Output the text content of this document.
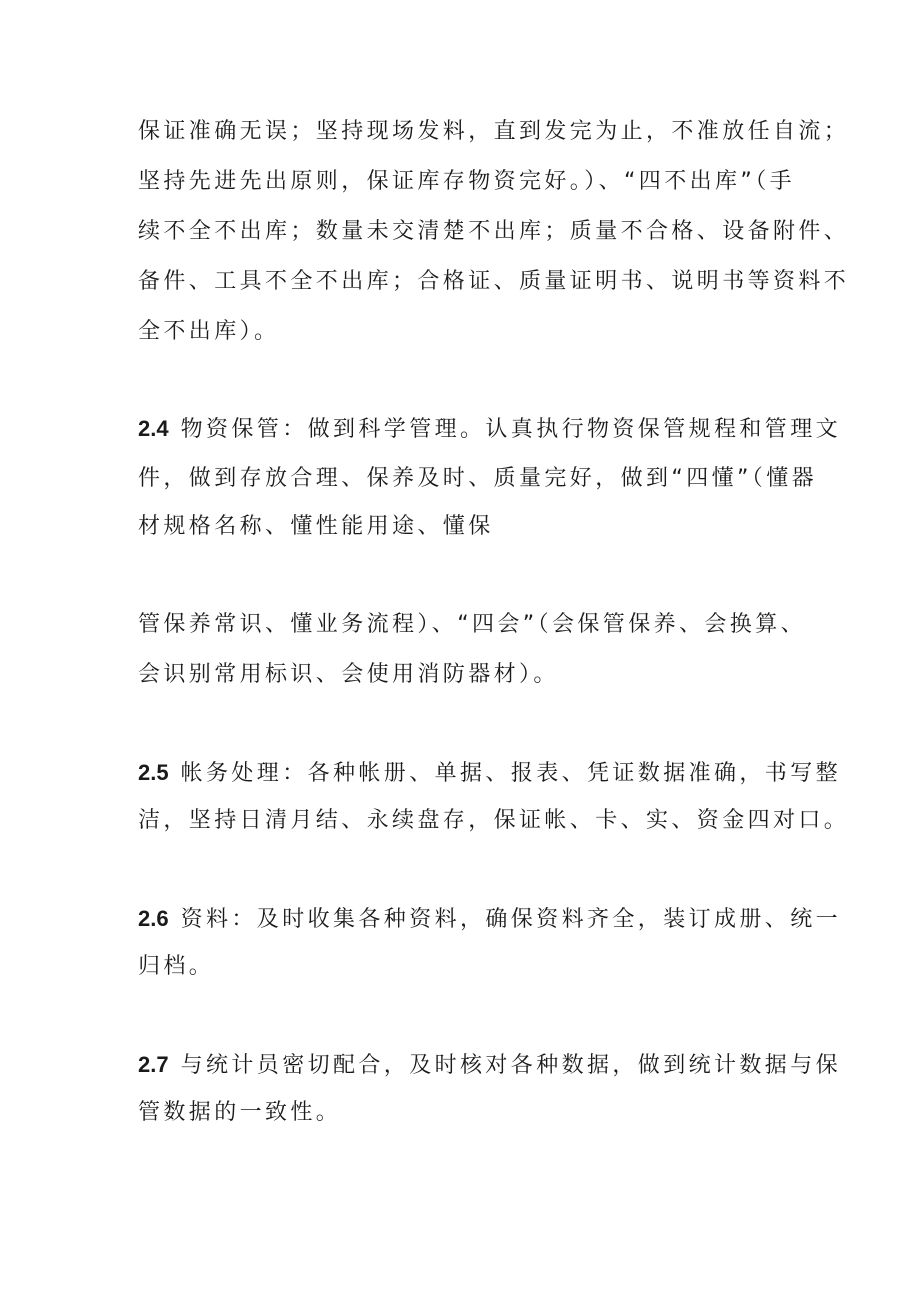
保证准确无误；坚持现场发料，直到发完为止，不准放任自流；
坚持先进先出原则，保证库存物资完好。）、“四不出库”（手
续不全不出库；数量未交清楚不出库；质量不合格、设备附件、
备件、工具不全不出库；合格证、质量证明书、说明书等资料不
全不出库）。
2.4 物资保管：做到科学管理。认真执行物资保管规程和管理文
件，做到存放合理、保养及时、质量完好，做到“四懂”（懂器
材规格名称、懂性能用途、懂保
管保养常识、懂业务流程）、“四会”（会保管保养、会换算、
会识别常用标识、会使用消防器材）。
2.5 帐务处理：各种帐册、单据、报表、凭证数据准确，书写整
洁，坚持日清月结、永续盘存，保证帐、卡、实、资金四对口。
2.6 资料：及时收集各种资料，确保资料齐全，装订成册、统一
归档。
2.7 与统计员密切配合，及时核对各种数据，做到统计数据与保
管数据的一致性。
